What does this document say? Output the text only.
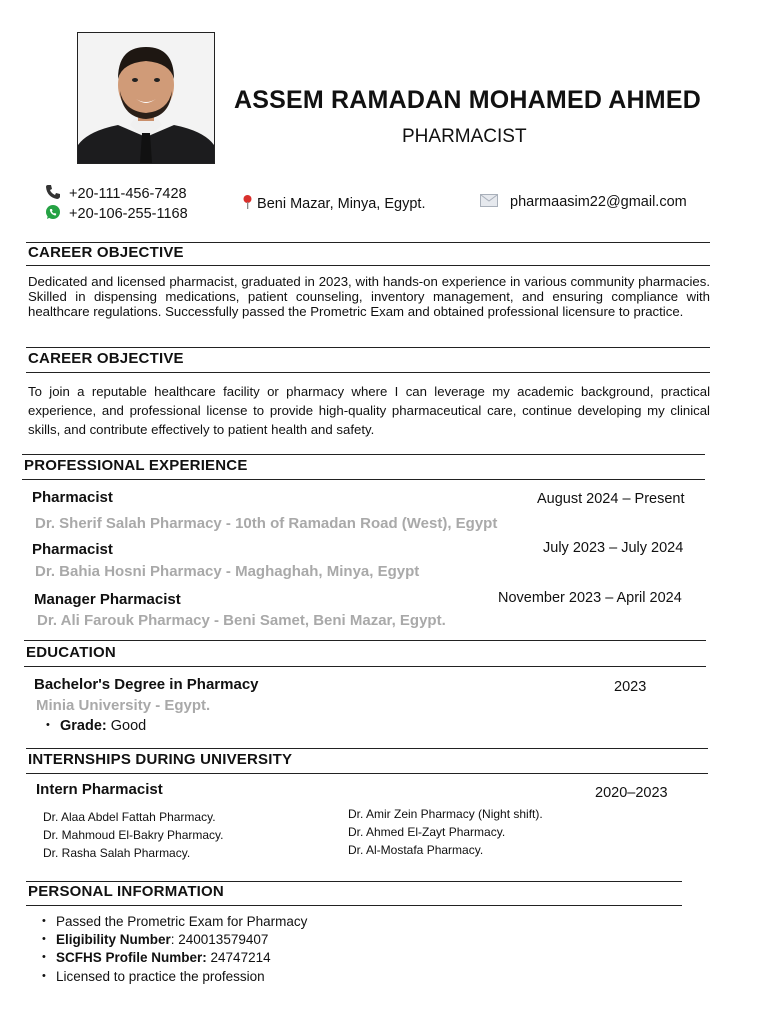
ASSEM RAMADAN MOHAMED AHMED
PHARMACIST
+20-111-456-7428
+20-106-255-1168
Beni Mazar, Minya, Egypt.	pharmaasim22@gmail.com
CAREER OBJECTIVE
Dedicated and licensed pharmacist, graduated in 2023, with hands-on experience in various community pharmacies. Skilled in dispensing medications, patient counseling, inventory management, and ensuring compliance with healthcare regulations. Successfully passed the Prometric Exam and obtained professional licensure to practice.
CAREER OBJECTIVE
To join a reputable healthcare facility or pharmacy where I can leverage my academic background, practical experience, and professional license to provide high-quality pharmaceutical care, continue developing my clinical skills, and contribute effectively to patient health and safety.
PROFESSIONAL EXPERIENCE
Pharmacist	August 2024 – Present
Dr. Sherif Salah Pharmacy - 10th of Ramadan Road (West), Egypt
Pharmacist	July 2023 – July 2024
Dr. Bahia Hosni Pharmacy - Maghaghah, Minya, Egypt
Manager Pharmacist	November 2023 – April 2024
Dr. Ali Farouk Pharmacy - Beni Samet, Beni Mazar, Egypt.
EDUCATION
Bachelor's Degree in Pharmacy	2023
Minia University - Egypt.
• Grade: Good
INTERNSHIPS DURING UNIVERSITY
Intern Pharmacist	2020–2023
Dr. Alaa Abdel Fattah Pharmacy.
Dr. Mahmoud El-Bakry Pharmacy.
Dr. Rasha Salah Pharmacy.
Dr. Amir Zein Pharmacy (Night shift).
Dr. Ahmed El-Zayt Pharmacy.
Dr. Al-Mostafa Pharmacy.
PERSONAL INFORMATION
• Passed the Prometric Exam for Pharmacy
• Eligibility Number: 240013579407
• SCFHS Profile Number: 24747214
• Licensed to practice the profession
